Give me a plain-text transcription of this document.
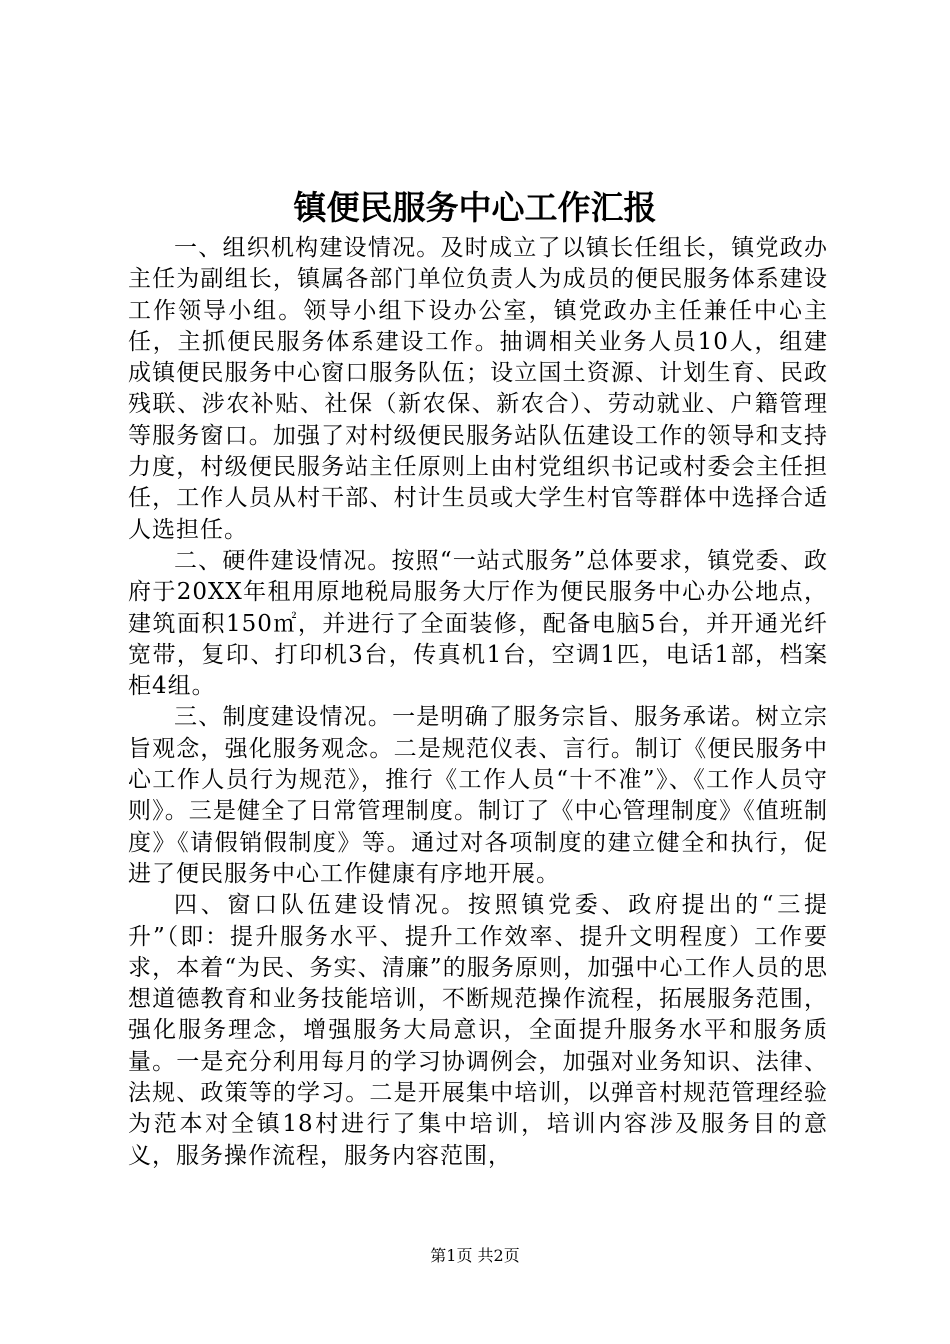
镇便民服务中心工作汇报

一、组织机构建设情况。及时成立了以镇长任组长，镇党政办主任为副组长，镇属各部门单位负责人为成员的便民服务体系建设工作领导小组。领导小组下设办公室，镇党政办主任兼任中心主任，主抓便民服务体系建设工作。抽调相关业务人员10人，组建成镇便民服务中心窗口服务队伍；设立国土资源、计划生育、民政残联、涉农补贴、社保（新农保、新农合）、劳动就业、户籍管理等服务窗口。加强了对村级便民服务站队伍建设工作的领导和支持力度，村级便民服务站主任原则上由村党组织书记或村委会主任担任，工作人员从村干部、村计生员或大学生村官等群体中选择合适人选担任。

二、硬件建设情况。按照“一站式服务”总体要求，镇党委、政府于20XX年租用原地税局服务大厅作为便民服务中心办公地点，建筑面积150㎡，并进行了全面装修，配备电脑5台，并开通光纤宽带，复印、打印机3台，传真机1台，空调1匹，电话1部，档案柜4组。

三、制度建设情况。一是明确了服务宗旨、服务承诺。树立宗旨观念，强化服务观念。二是规范仪表、言行。制订《便民服务中心工作人员行为规范》，推行《工作人员“十不准”》、《工作人员守则》。三是健全了日常管理制度。制订了《中心管理制度》《值班制度》《请假销假制度》等。通过对各项制度的建立健全和执行，促进了便民服务中心工作健康有序地开展。

四、窗口队伍建设情况。按照镇党委、政府提出的“三提升”（即：提升服务水平、提升工作效率、提升文明程度）工作要求，本着“为民、务实、清廉”的服务原则，加强中心工作人员的思想道德教育和业务技能培训，不断规范操作流程，拓展服务范围，强化服务理念，增强服务大局意识，全面提升服务水平和服务质量。一是充分利用每月的学习协调例会，加强对业务知识、法律、法规、政策等的学习。二是开展集中培训，以弹音村规范管理经验为范本对全镇18村进行了集中培训，培训内容涉及服务目的意义，服务操作流程，服务内容范围，

第1页 共2页
